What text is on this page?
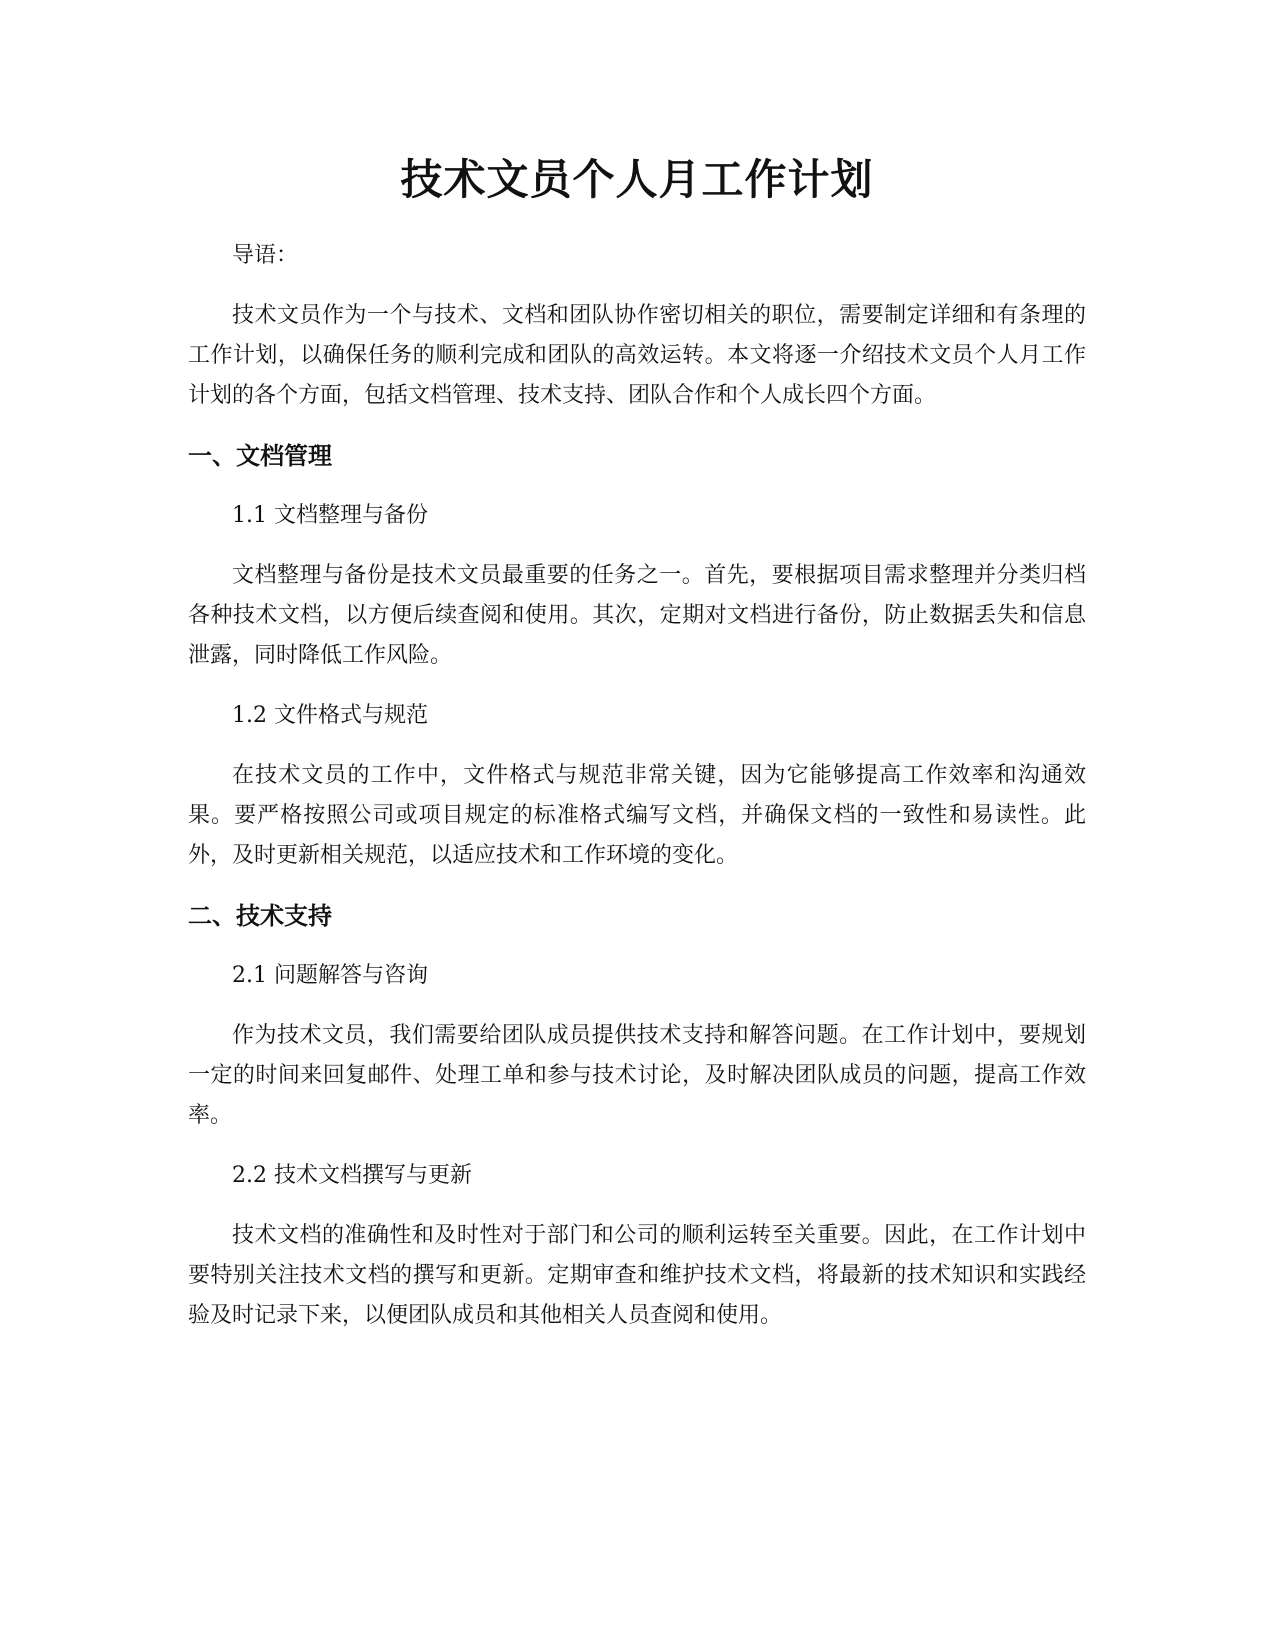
技术文员个人月工作计划

导语：

技术文员作为一个与技术、文档和团队协作密切相关的职位，需要制定详细和有条理的工作计划，以确保任务的顺利完成和团队的高效运转。本文将逐一介绍技术文员个人月工作计划的各个方面，包括文档管理、技术支持、团队合作和个人成长四个方面。

一、文档管理

1.1 文档整理与备份

文档整理与备份是技术文员最重要的任务之一。首先，要根据项目需求整理并分类归档各种技术文档，以方便后续查阅和使用。其次，定期对文档进行备份，防止数据丢失和信息泄露，同时降低工作风险。

1.2 文件格式与规范

在技术文员的工作中，文件格式与规范非常关键，因为它能够提高工作效率和沟通效果。要严格按照公司或项目规定的标准格式编写文档，并确保文档的一致性和易读性。此外，及时更新相关规范，以适应技术和工作环境的变化。

二、技术支持

2.1 问题解答与咨询

作为技术文员，我们需要给团队成员提供技术支持和解答问题。在工作计划中，要规划一定的时间来回复邮件、处理工单和参与技术讨论，及时解决团队成员的问题，提高工作效率。

2.2 技术文档撰写与更新

技术文档的准确性和及时性对于部门和公司的顺利运转至关重要。因此，在工作计划中要特别关注技术文档的撰写和更新。定期审查和维护技术文档，将最新的技术知识和实践经验及时记录下来，以便团队成员和其他相关人员查阅和使用。
